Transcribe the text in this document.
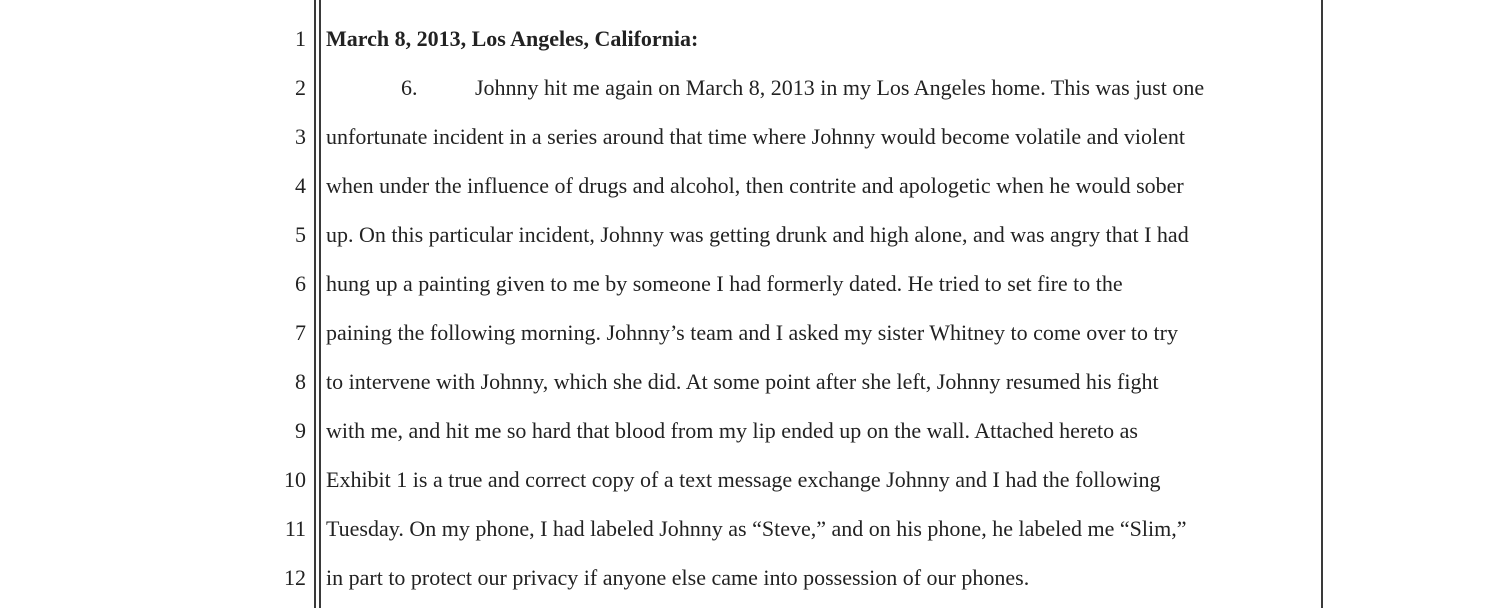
1
2
3
4
5
6
7
8
9
10
11
12
March 8, 2013, Los Angeles, California:
6.	Johnny hit me again on March 8, 2013 in my Los Angeles home. This was just one
unfortunate incident in a series around that time where Johnny would become volatile and violent
when under the influence of drugs and alcohol, then contrite and apologetic when he would sober
up. On this particular incident, Johnny was getting drunk and high alone, and was angry that I had
hung up a painting given to me by someone I had formerly dated. He tried to set fire to the
paining the following morning. Johnny’s team and I asked my sister Whitney to come over to try
to intervene with Johnny, which she did. At some point after she left, Johnny resumed his fight
with me, and hit me so hard that blood from my lip ended up on the wall. Attached hereto as
Exhibit 1 is a true and correct copy of a text message exchange Johnny and I had the following
Tuesday. On my phone, I had labeled Johnny as “Steve,” and on his phone, he labeled me “Slim,”
in part to protect our privacy if anyone else came into possession of our phones.
